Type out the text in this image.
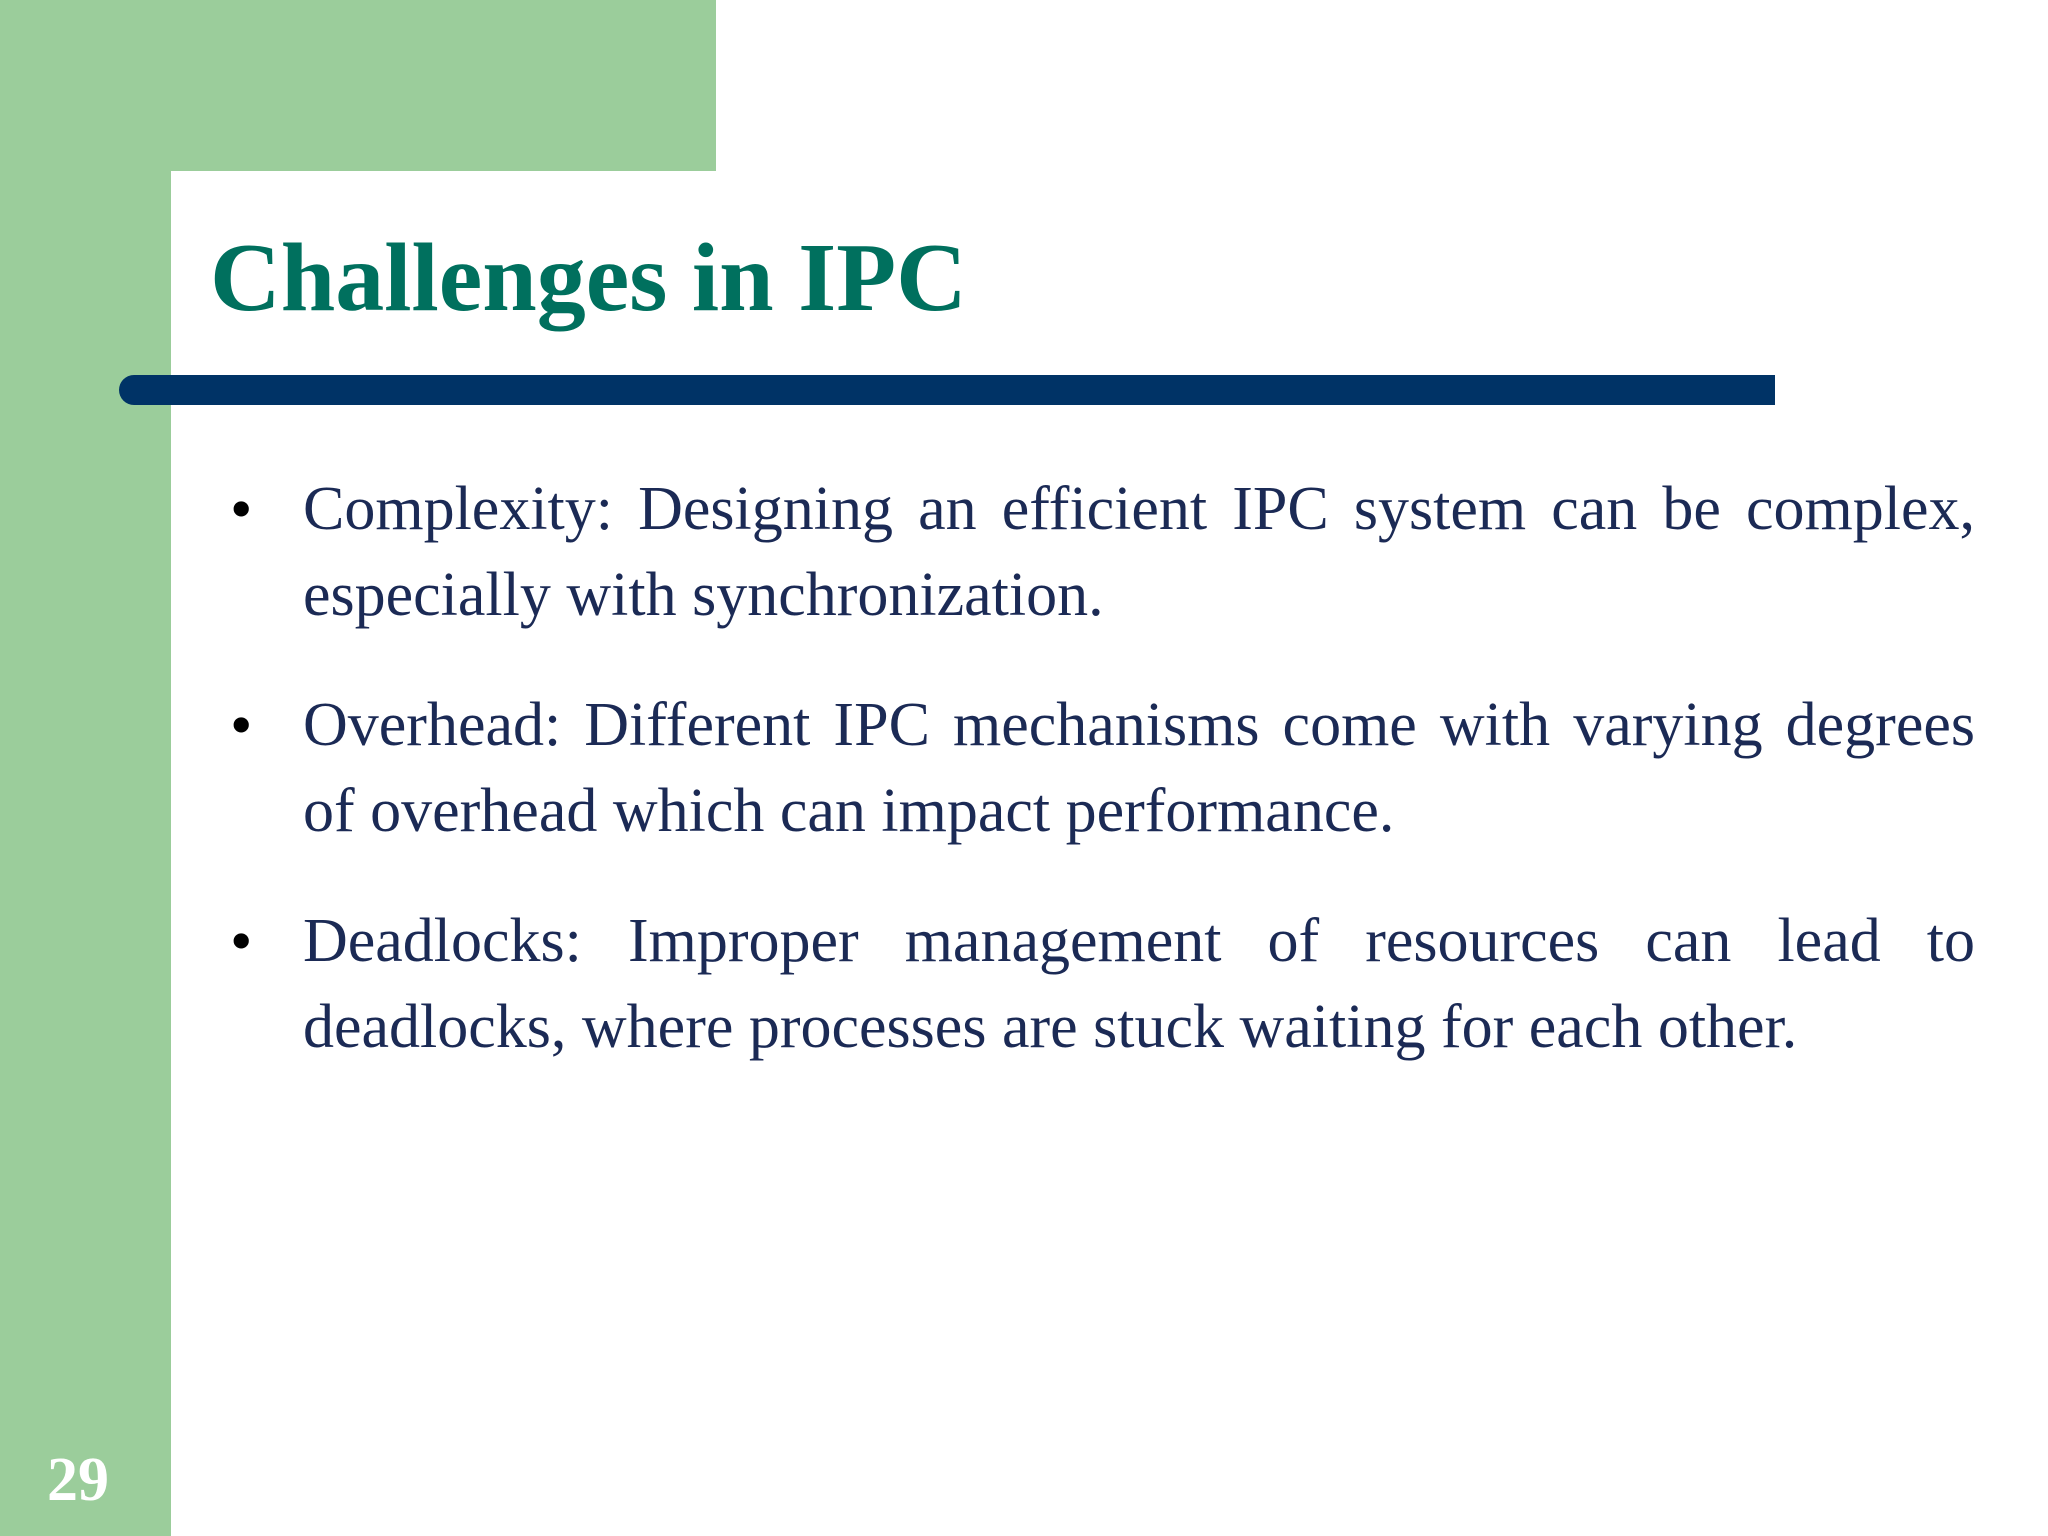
Challenges in IPC
• Complexity: Designing an efficient IPC system can be complex, especially with synchronization.

• Overhead: Different IPC mechanisms come with varying degrees of overhead which can impact performance.

• Deadlocks: Improper management of resources can lead to deadlocks, where processes are stuck waiting for each other.

29
